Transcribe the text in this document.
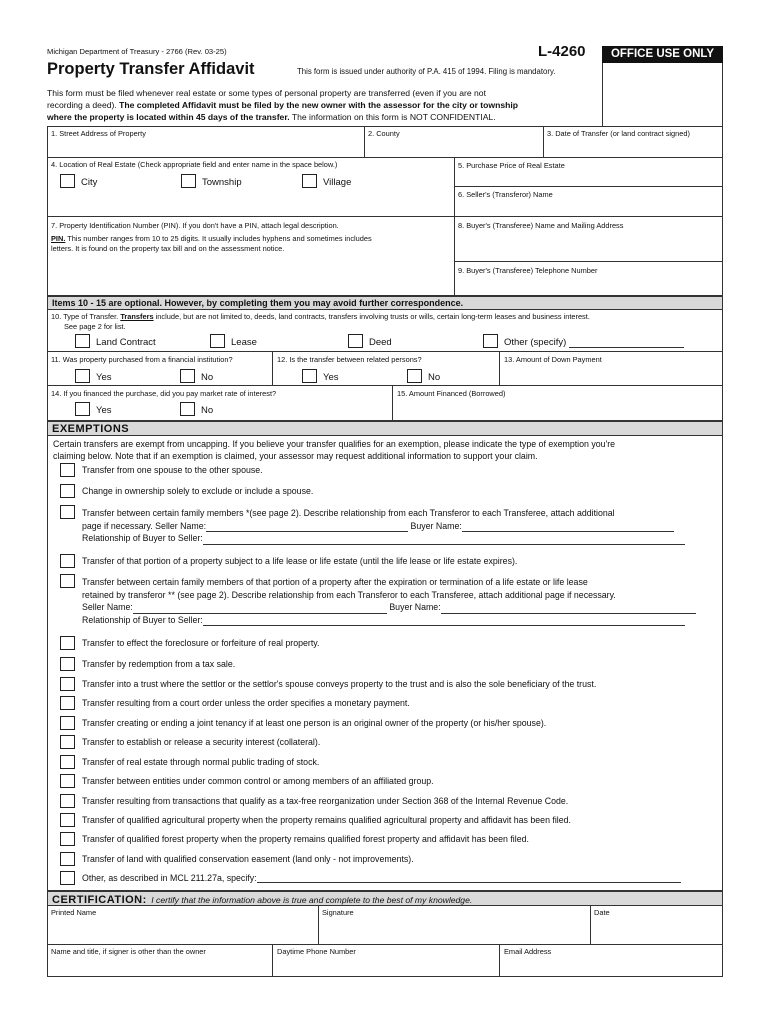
Michigan Department of Treasury - 2766 (Rev. 03-25)	L-4260	OFFICE USE ONLY
Property Transfer Affidavit	This form is issued under authority of P.A. 415 of 1994. Filing is mandatory.
This form must be filed whenever real estate or some types of personal property are transferred (even if you are not
recording a deed). The completed Affidavit must be filed by the new owner with the assessor for the city or township
where the property is located within 45 days of the transfer. The information on this form is NOT CONFIDENTIAL.
1. Street Address of Property	2. County	3. Date of Transfer (or land contract signed)
4. Location of Real Estate (Check appropriate field and enter name in the space below.)
City	Township	Village
5. Purchase Price of Real Estate
6. Seller's (Transferor) Name
7. Property Identification Number (PIN). If you don't have a PIN, attach legal description.
PIN. This number ranges from 10 to 25 digits. It usually includes hyphens and sometimes includes
letters. It is found on the property tax bill and on the assessment notice.
8. Buyer's (Transferee) Name and Mailing Address
9. Buyer's (Transferee) Telephone Number
Items 10 - 15 are optional. However, by completing them you may avoid further correspondence.
10. Type of Transfer. Transfers include, but are not limited to, deeds, land contracts, transfers involving trusts or wills, certain long-term leases and business interest.
See page 2 for list.
Land Contract	Lease	Deed	Other (specify)
11. Was property purchased from a financial institution?
Yes	No
12. Is the transfer between related persons?
Yes	No
13. Amount of Down Payment
14. If you financed the purchase, did you pay market rate of interest?
Yes	No
15. Amount Financed (Borrowed)
EXEMPTIONS
Certain transfers are exempt from uncapping. If you believe your transfer qualifies for an exemption, please indicate the type of exemption you're
claiming below. Note that if an exemption is claimed, your assessor may request additional information to support your claim.
Transfer from one spouse to the other spouse.
Change in ownership solely to exclude or include a spouse.
Transfer between certain family members *(see page 2). Describe relationship from each Transferor to each Transferee, attach additional
page if necessary. Seller Name:	Buyer Name:
Relationship of Buyer to Seller:
Transfer of that portion of a property subject to a life lease or life estate (until the life lease or life estate expires).
Transfer between certain family members of that portion of a property after the expiration or termination of a life estate or life lease
retained by transferor ** (see page 2). Describe relationship from each Transferor to each Transferee, attach additional page if necessary.
Seller Name:	Buyer Name:
Relationship of Buyer to Seller:
Transfer to effect the foreclosure or forfeiture of real property.
Transfer by redemption from a tax sale.
Transfer into a trust where the settlor or the settlor's spouse conveys property to the trust and is also the sole beneficiary of the trust.
Transfer resulting from a court order unless the order specifies a monetary payment.
Transfer creating or ending a joint tenancy if at least one person is an original owner of the property (or his/her spouse).
Transfer to establish or release a security interest (collateral).
Transfer of real estate through normal public trading of stock.
Transfer between entities under common control or among members of an affiliated group.
Transfer resulting from transactions that qualify as a tax-free reorganization under Section 368 of the Internal Revenue Code.
Transfer of qualified agricultural property when the property remains qualified agricultural property and affidavit has been filed.
Transfer of qualified forest property when the property remains qualified forest property and affidavit has been filed.
Transfer of land with qualified conservation easement (land only - not improvements).
Other, as described in MCL 211.27a, specify:
CERTIFICATION: I certify that the information above is true and complete to the best of my knowledge.
Printed Name	Signature	Date
Name and title, if signer is other than the owner	Daytime Phone Number	Email Address
